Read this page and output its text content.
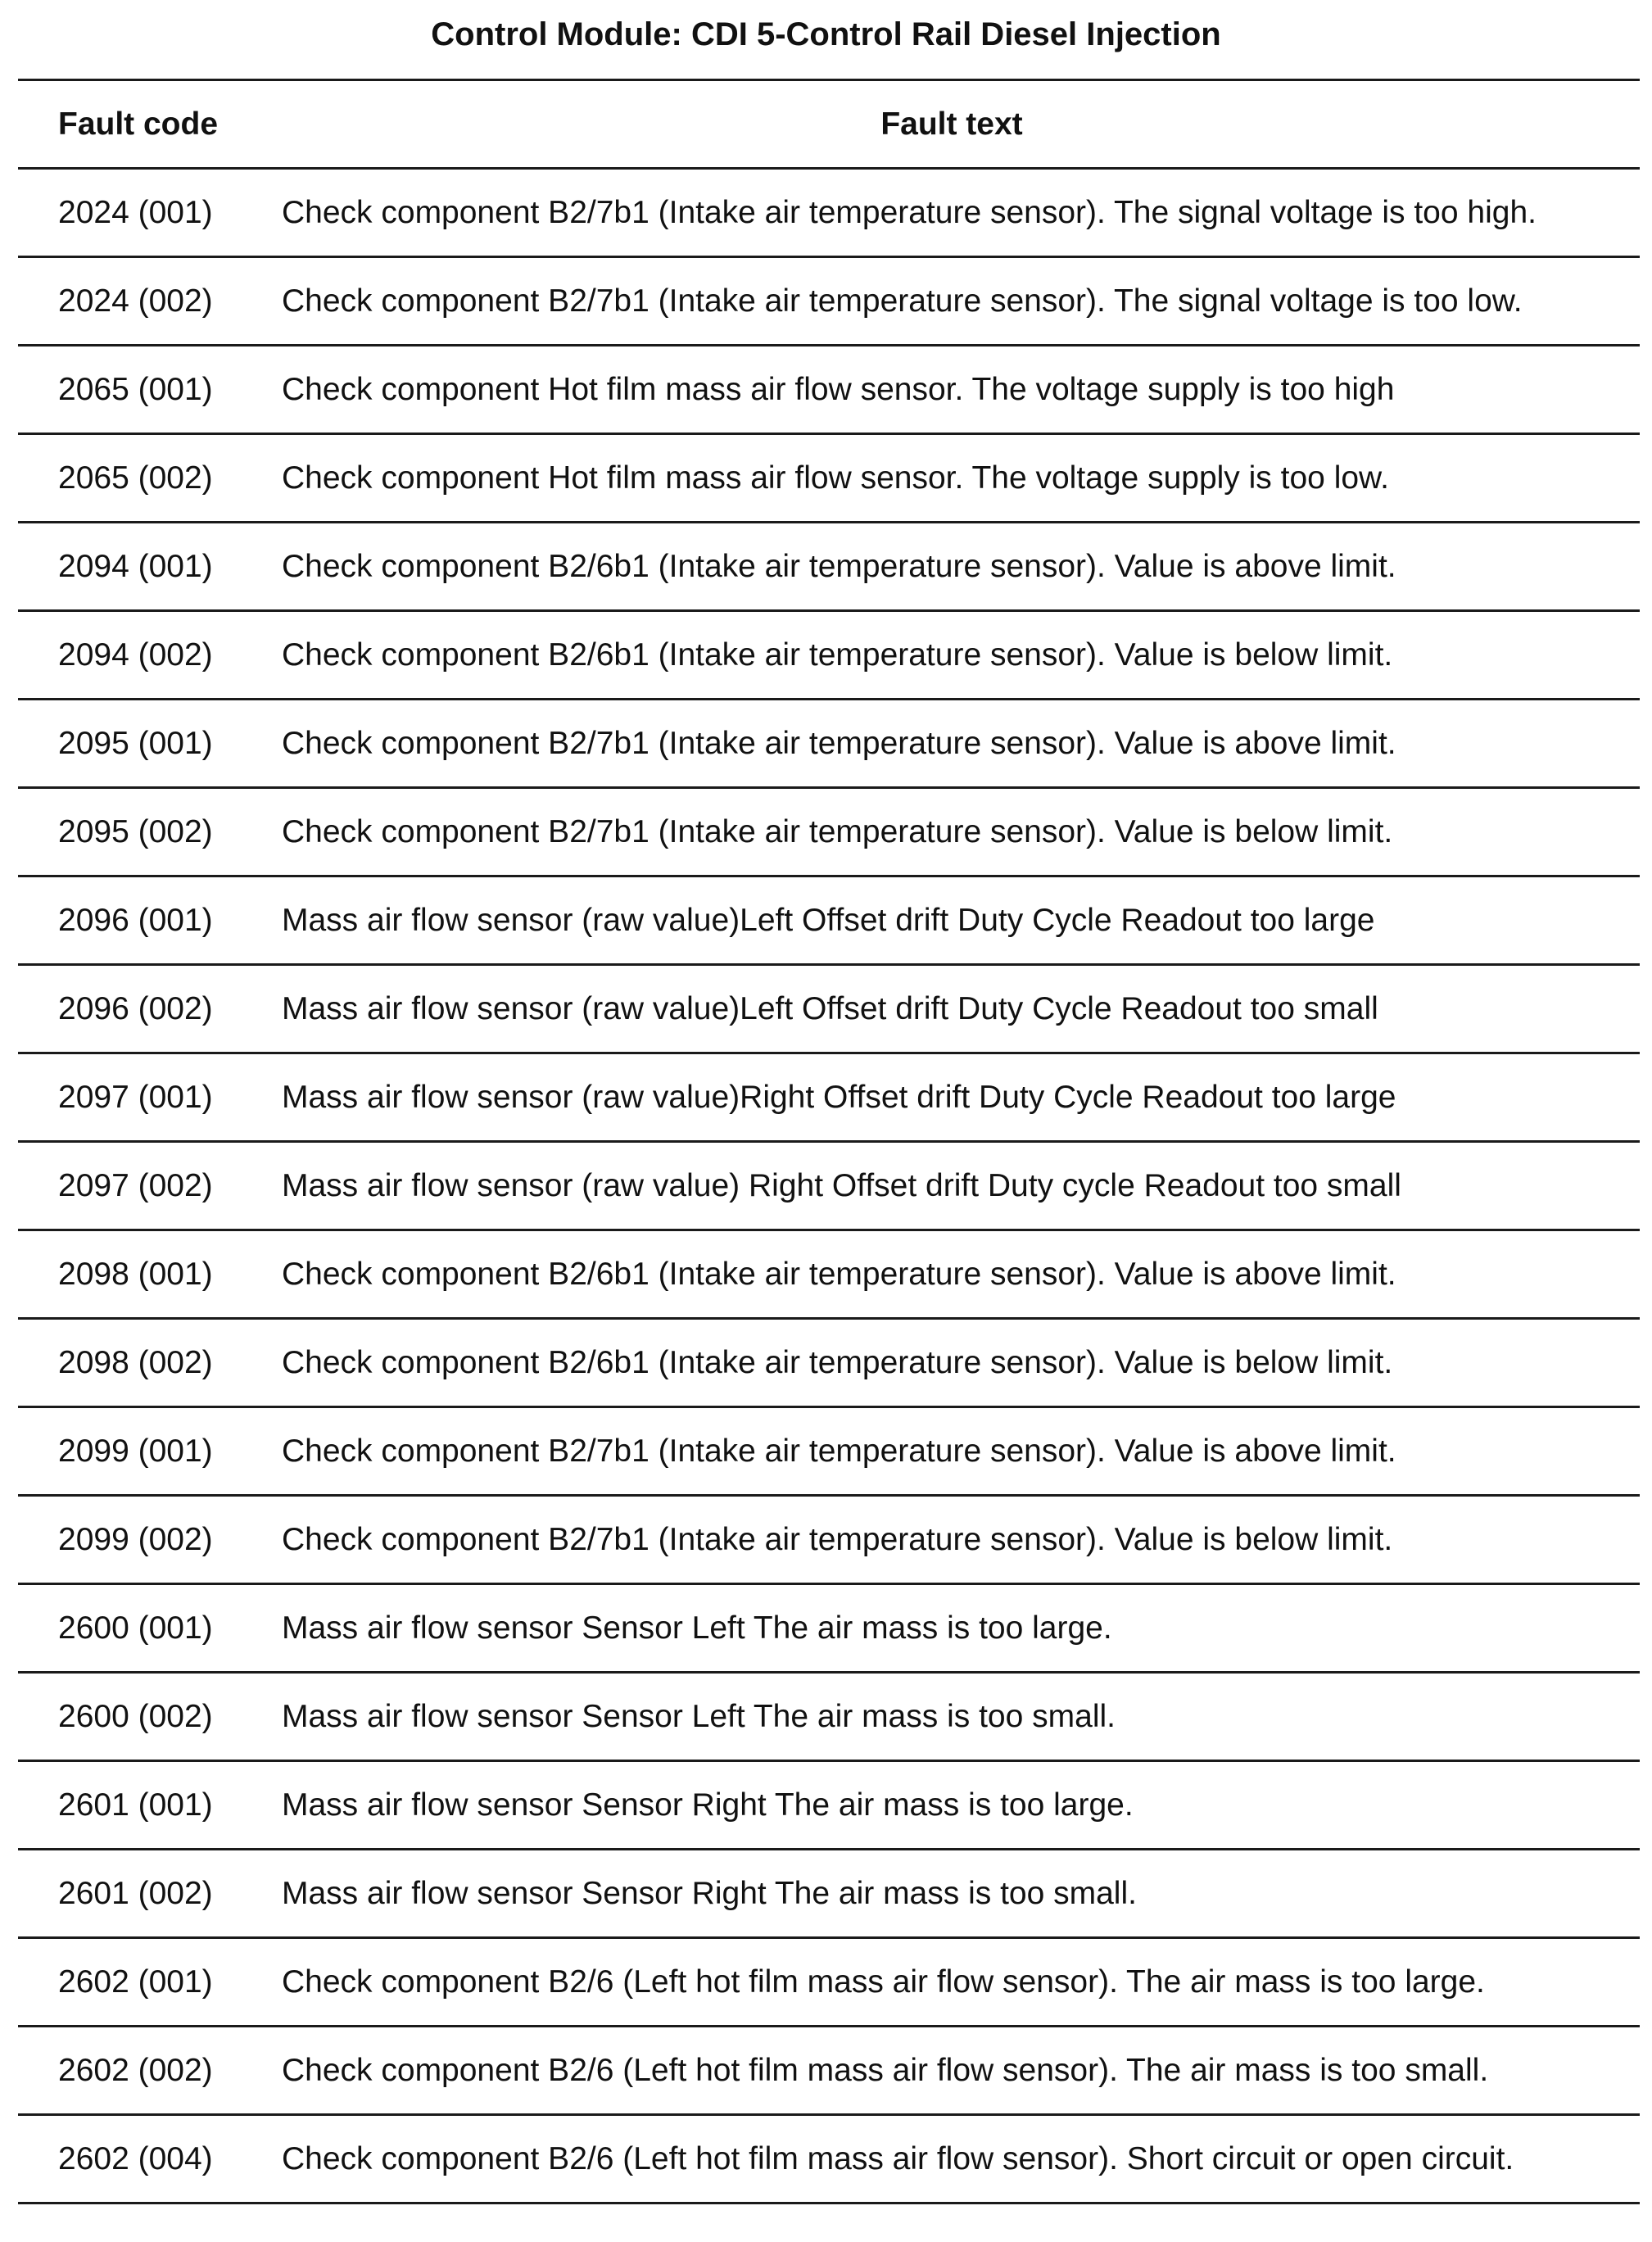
Control Module: CDI 5-Control Rail Diesel Injection
Fault code	Fault text
2024 (001)	Check component B2/7b1 (Intake air temperature sensor). The signal voltage is too high.
2024 (002)	Check component B2/7b1 (Intake air temperature sensor). The signal voltage is too low.
2065 (001)	Check component Hot film mass air flow sensor. The voltage supply is too high
2065 (002)	Check component Hot film mass air flow sensor. The voltage supply is too low.
2094 (001)	Check component B2/6b1 (Intake air temperature sensor). Value is above limit.
2094 (002)	Check component B2/6b1 (Intake air temperature sensor). Value is below limit.
2095 (001)	Check component B2/7b1 (Intake air temperature sensor). Value is above limit.
2095 (002)	Check component B2/7b1 (Intake air temperature sensor). Value is below limit.
2096 (001)	Mass air flow sensor (raw value)Left Offset drift Duty Cycle Readout too large
2096 (002)	Mass air flow sensor (raw value)Left Offset drift Duty Cycle Readout too small
2097 (001)	Mass air flow sensor (raw value)Right Offset drift Duty Cycle Readout too large
2097 (002)	Mass air flow sensor (raw value) Right Offset drift Duty cycle Readout too small
2098 (001)	Check component B2/6b1 (Intake air temperature sensor). Value is above limit.
2098 (002)	Check component B2/6b1 (Intake air temperature sensor). Value is below limit.
2099 (001)	Check component B2/7b1 (Intake air temperature sensor). Value is above limit.
2099 (002)	Check component B2/7b1 (Intake air temperature sensor). Value is below limit.
2600 (001)	Mass air flow sensor Sensor Left The air mass is too large.
2600 (002)	Mass air flow sensor Sensor Left The air mass is too small.
2601 (001)	Mass air flow sensor Sensor Right The air mass is too large.
2601 (002)	Mass air flow sensor Sensor Right The air mass is too small.
2602 (001)	Check component B2/6 (Left hot film mass air flow sensor). The air mass is too large.
2602 (002)	Check component B2/6 (Left hot film mass air flow sensor). The air mass is too small.
2602 (004)	Check component B2/6 (Left hot film mass air flow sensor). Short circuit or open circuit.
